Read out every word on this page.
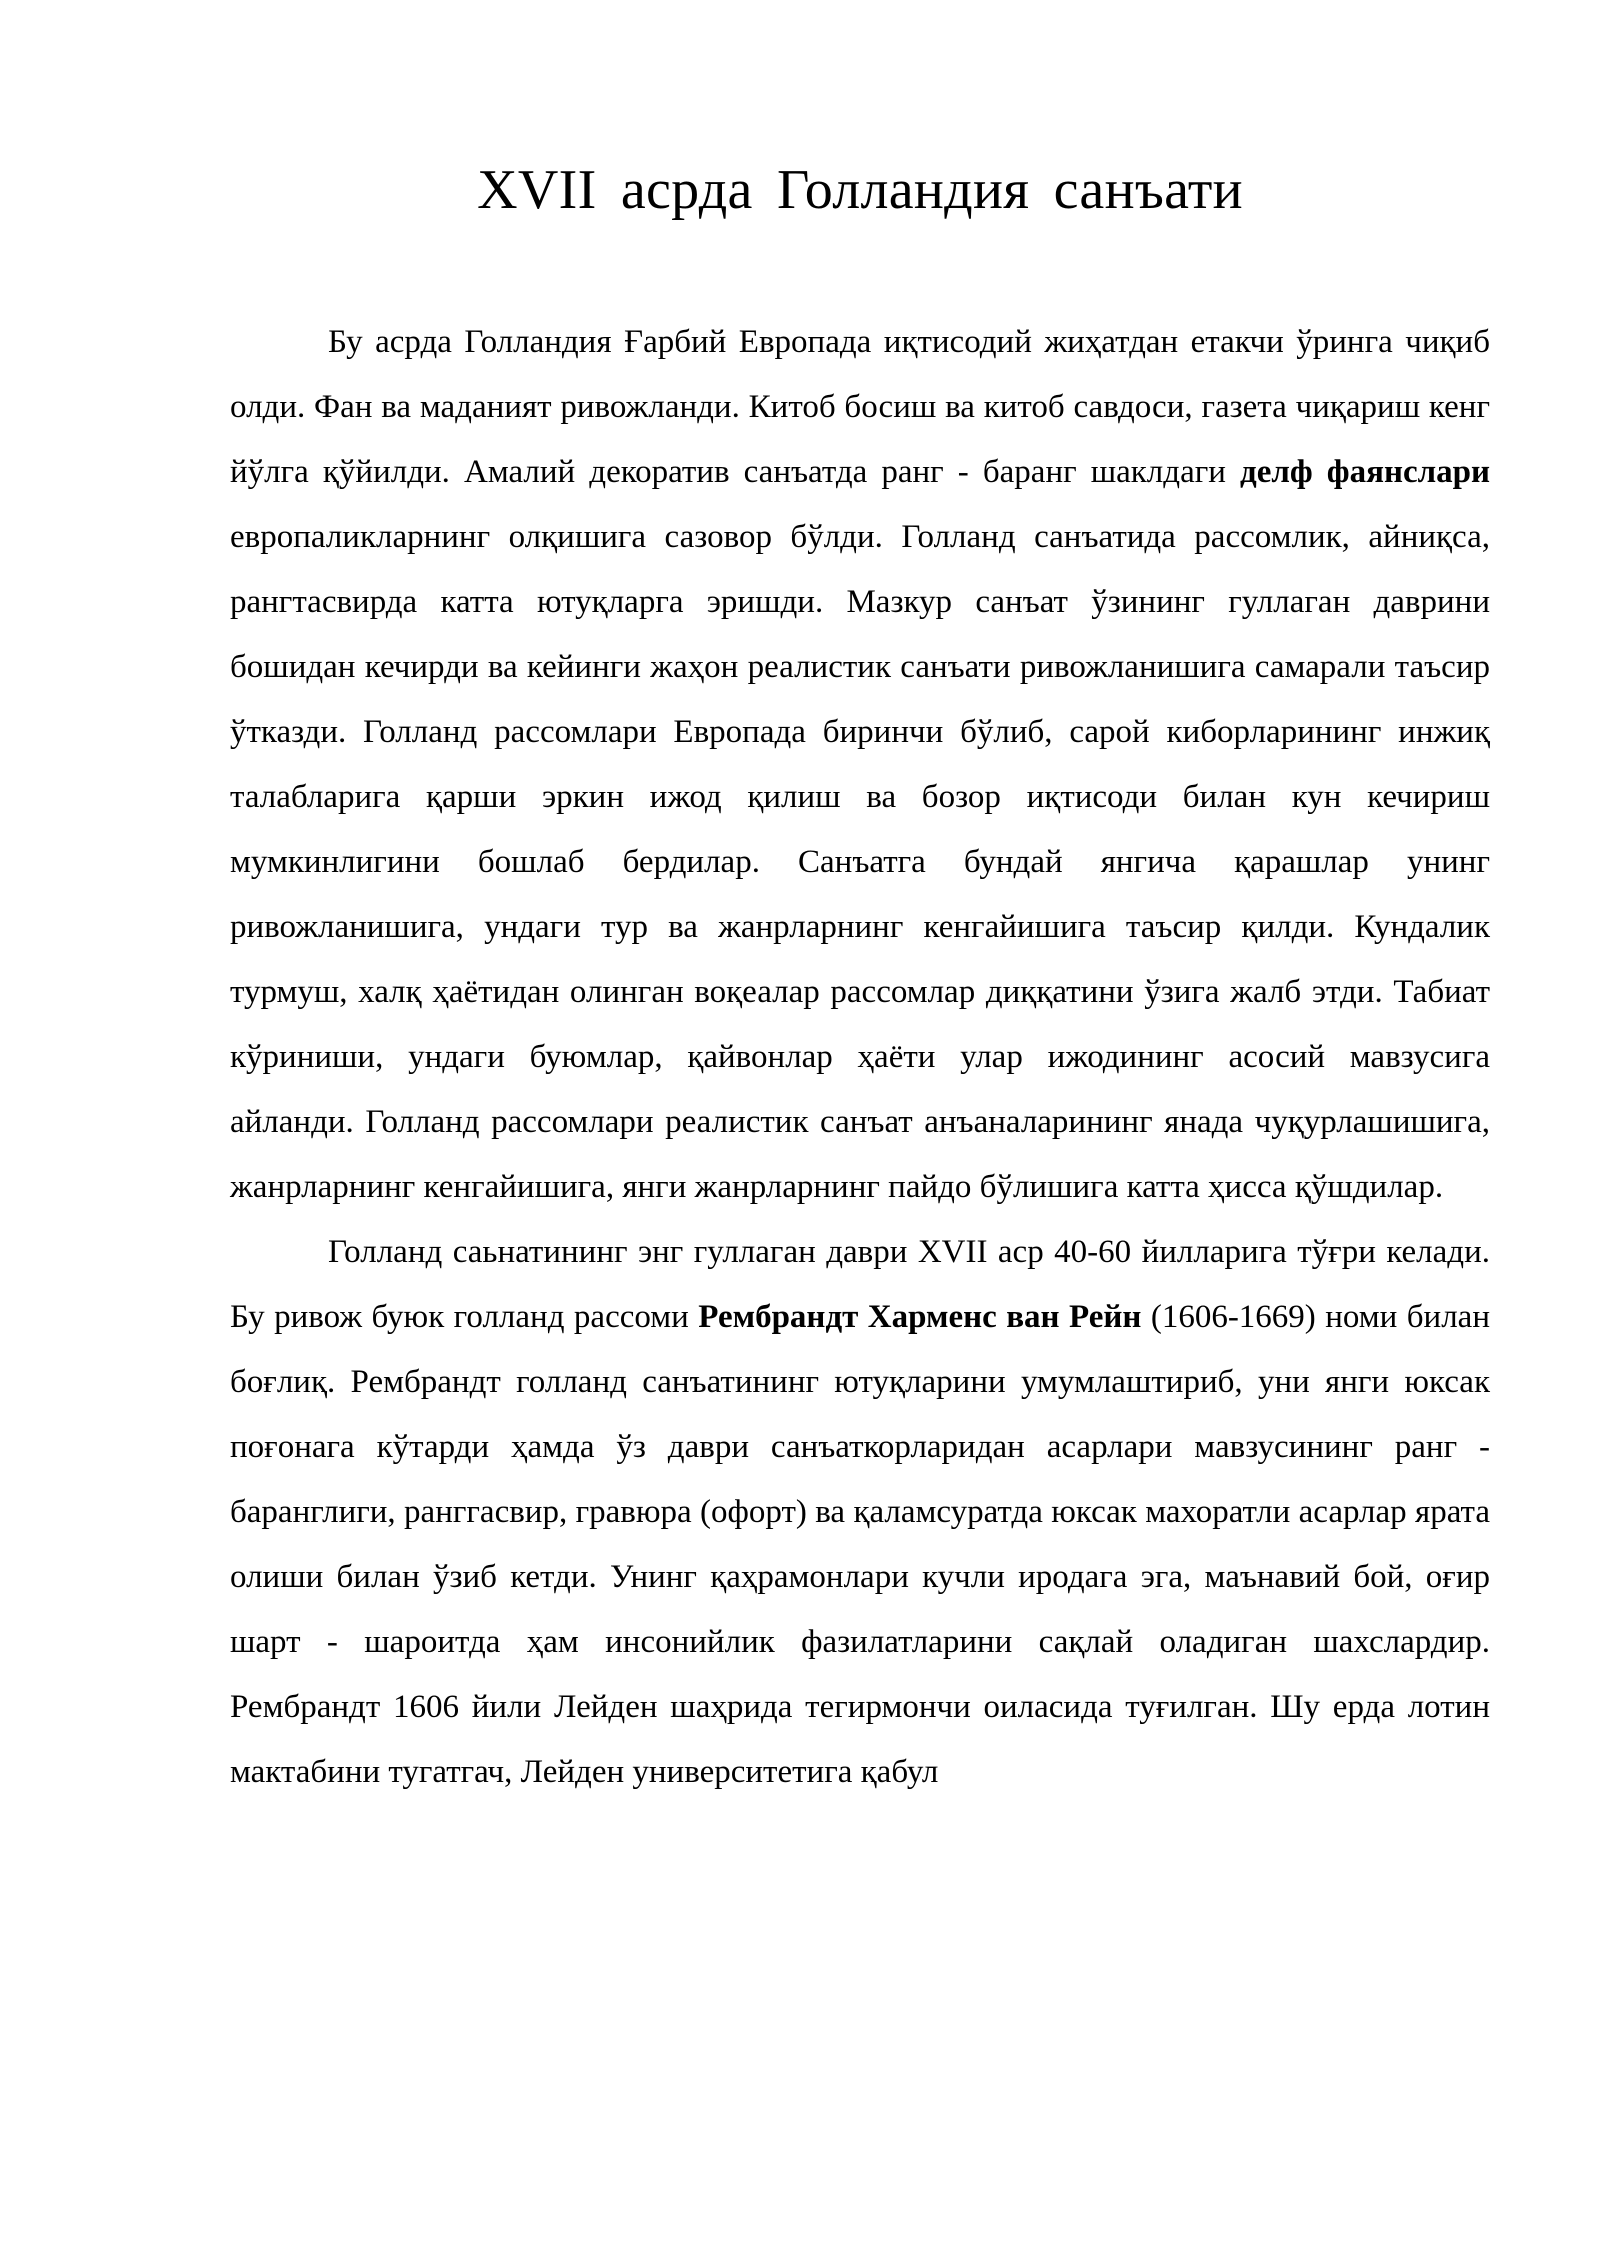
XVII асрда Голландия санъати

Бу асрда Голландия Ғарбий Европада иқтисодий жиҳатдан етакчи ўринга чиқиб олди. Фан ва маданият ривожланди. Китоб босиш ва китоб савдоси, газета чиқариш кенг йўлга қўйилди. Амалий декоратив санъатда ранг - баранг шаклдаги делф фаянслари европаликларнинг олқишига сазовор бўлди. Голланд санъатида рассомлик, айниқса, рангтасвирда катта ютуқларга эришди. Мазкур санъат ўзининг гуллаган даврини бошидан кечирди ва кейинги жаҳон реалистик санъати ривожланишига самарали таъсир ўтказди. Голланд рассомлари Европада биринчи бўлиб, сарой киборларининг инжиқ талабларига қарши эркин ижод қилиш ва бозор иқтисоди билан кун кечириш мумкинлигини бошлаб бердилар. Санъатга бундай янгича қарашлар унинг ривожланишига, ундаги тур ва жанрларнинг кенгайишига таъсир қилди. Кундалик турмуш, халқ ҳаётидан олинган воқеалар рассомлар диққатини ўзига жалб этди. Табиат кўриниши, ундаги буюмлар, қайвонлар ҳаёти улар ижодининг асосий мавзусига айланди. Голланд рассомлари реалистик санъат анъаналарининг янада чуқурлашишига, жанрларнинг кенгайишига, янги жанрларнинг пайдо бўлишига катта ҳисса қўшдилар.

Голланд саьнатининг энг гуллаган даври XVII аср 40-60 йилларига тўғри келади. Бу ривож буюк голланд рассоми Рембрандт Харменс ван Рейн (1606-1669) номи билан боғлиқ. Рембрандт голланд санъатининг ютуқларини умумлаштириб, уни янги юксак поғонага кўтарди ҳамда ўз даври санъаткорларидан асарлари мавзусининг ранг - баранглиги, ранггасвир, гравюра (офорт) ва қаламсуратда юксак махоратли асарлар ярата олиши билан ўзиб кетди. Унинг қаҳрамонлари кучли иродага эга, маънавий бой, оғир шарт - шароитда ҳам инсонийлик фазилатларини сақлай оладиган шахслардир. Рембрандт 1606 йили Лейден шаҳрида тегирмончи оиласида туғилган. Шу ерда лотин мактабини тугатгач, Лейден университетига қабул
